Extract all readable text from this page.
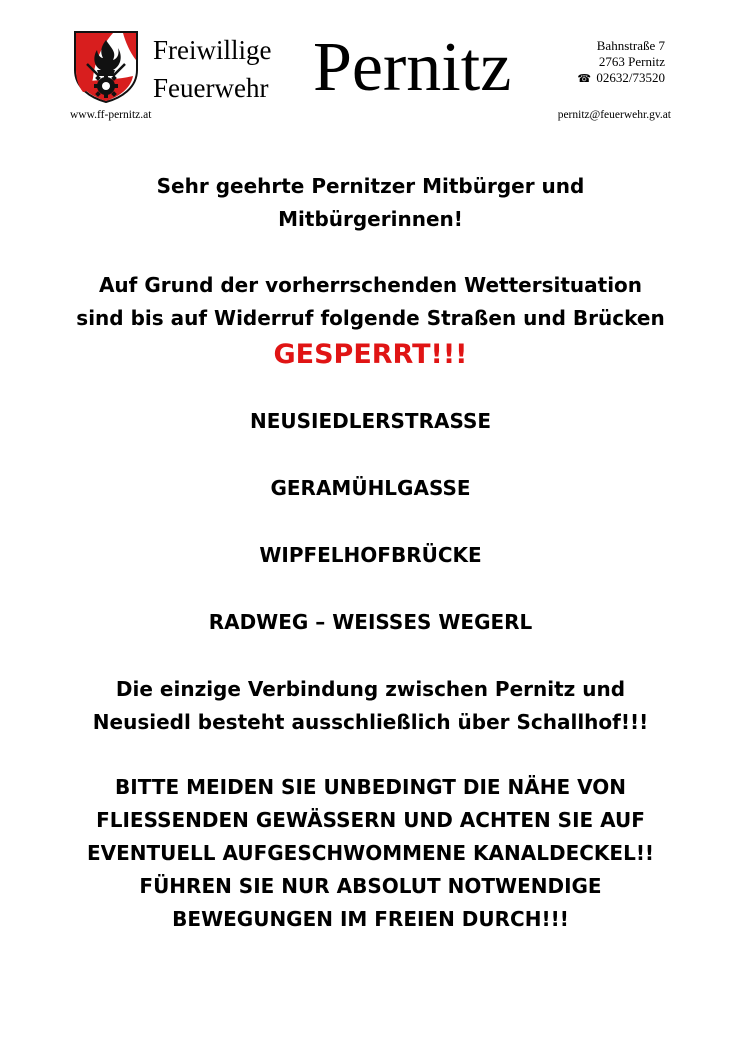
Freiwillige
Feuerwehr Pernitz	Bahnstraße 7
2763 Pernitz
☎ 02632/73520
www.ff-pernitz.at	pernitz@feuerwehr.gv.at

Sehr geehrte Pernitzer Mitbürger und
Mitbürgerinnen!

Auf Grund der vorherrschenden Wettersituation
sind bis auf Widerruf folgende Straßen und Brücken

GESPERRT!!!

NEUSIEDLERSTRASSE

GERAMÜHLGASSE

WIPFELHOFBRÜCKE

RADWEG – WEISSES WEGERL

Die einzige Verbindung zwischen Pernitz und
Neusiedl besteht ausschließlich über Schallhof!!!

BITTE MEIDEN SIE UNBEDINGT DIE NÄHE VON
FLIESSENDEN GEWÄSSERN UND ACHTEN SIE AUF
EVENTUELL AUFGESCHWOMMENE KANALDECKEL!!
FÜHREN SIE NUR ABSOLUT NOTWENDIGE
BEWEGUNGEN IM FREIEN DURCH!!!
